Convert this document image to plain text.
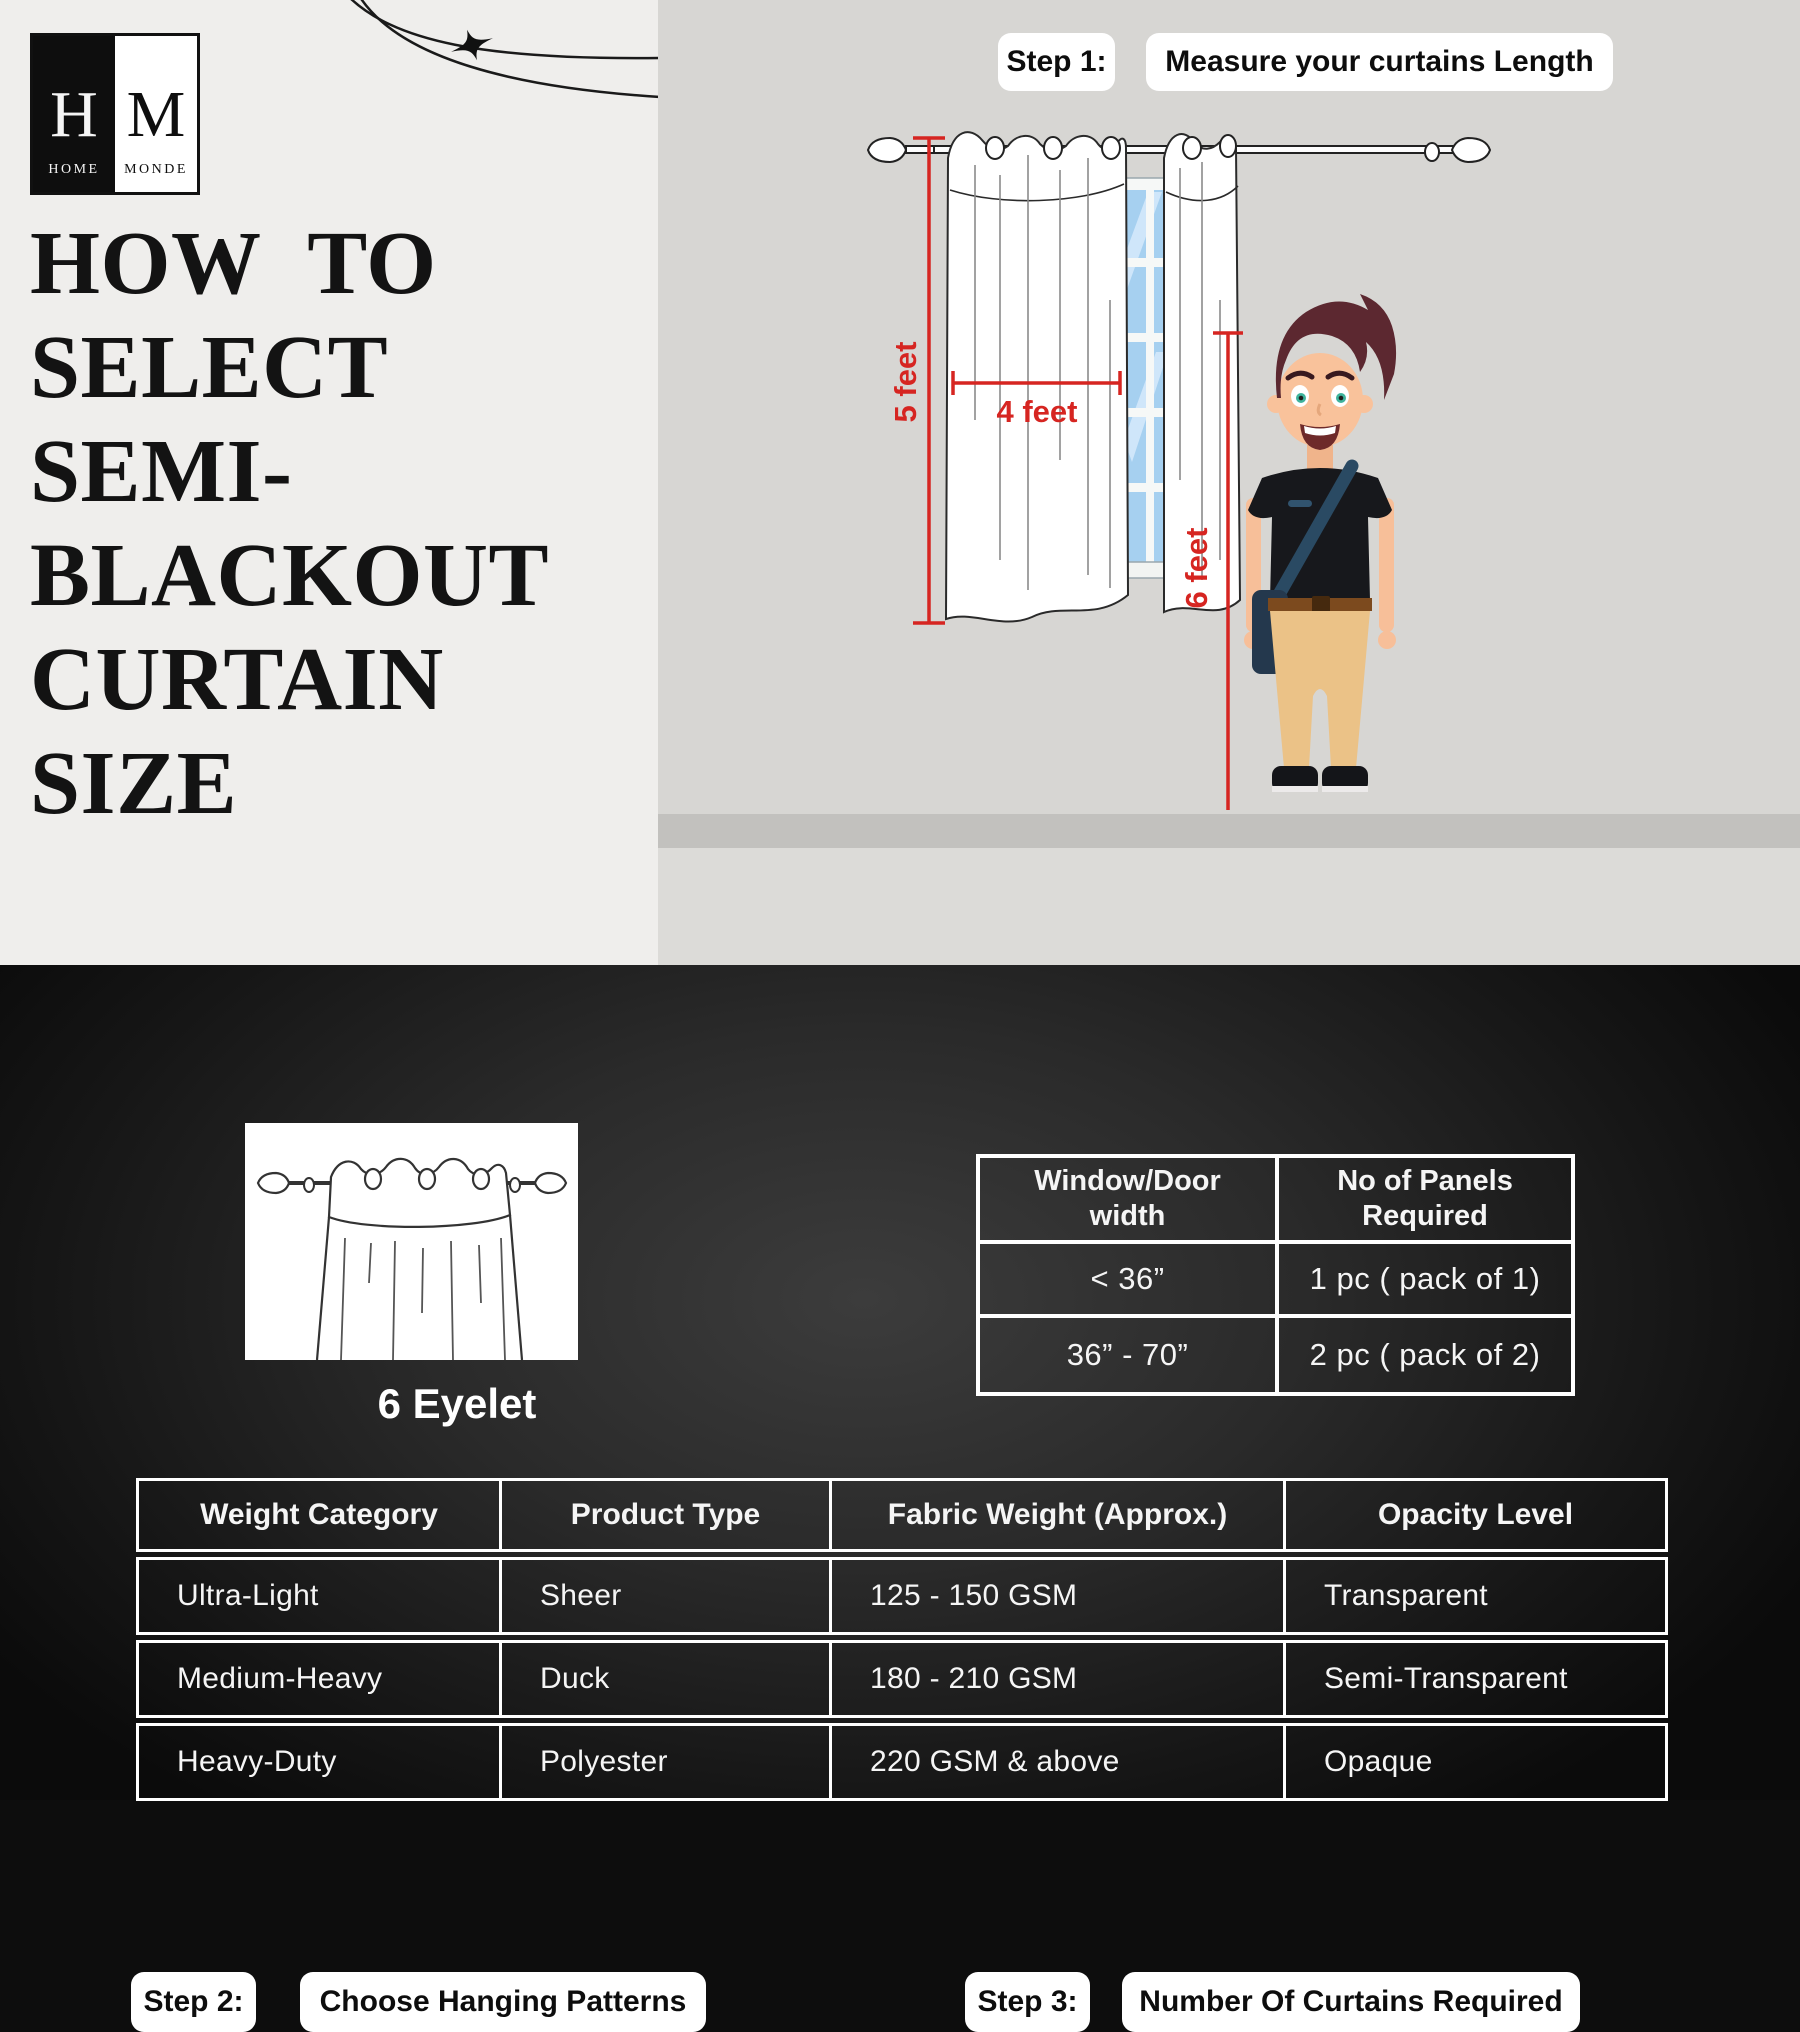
H
HOME
M
MONDE
HOW TO
SELECT
SEMI-
BLACKOUT
CURTAIN
SIZE
5 feet 4 feet
6 feet
Step 1: Measure your curtains Length
Step 2:	Choose Hanging Patterns	Step 3: Number Of Curtains Required
6 Eyelet
Window/Door width	No of Panels Required
< 36”	1 pc ( pack of 1)
36” - 70”	2 pc ( pack of 2)
Weight Category	Product Type	Fabric Weight (Approx.)	Opacity Level
Ultra-Light	Sheer	125 - 150 GSM	Transparent
Medium-Heavy	Duck	180 - 210 GSM	Semi-Transparent
Heavy-Duty	Polyester	220 GSM & above	Opaque
